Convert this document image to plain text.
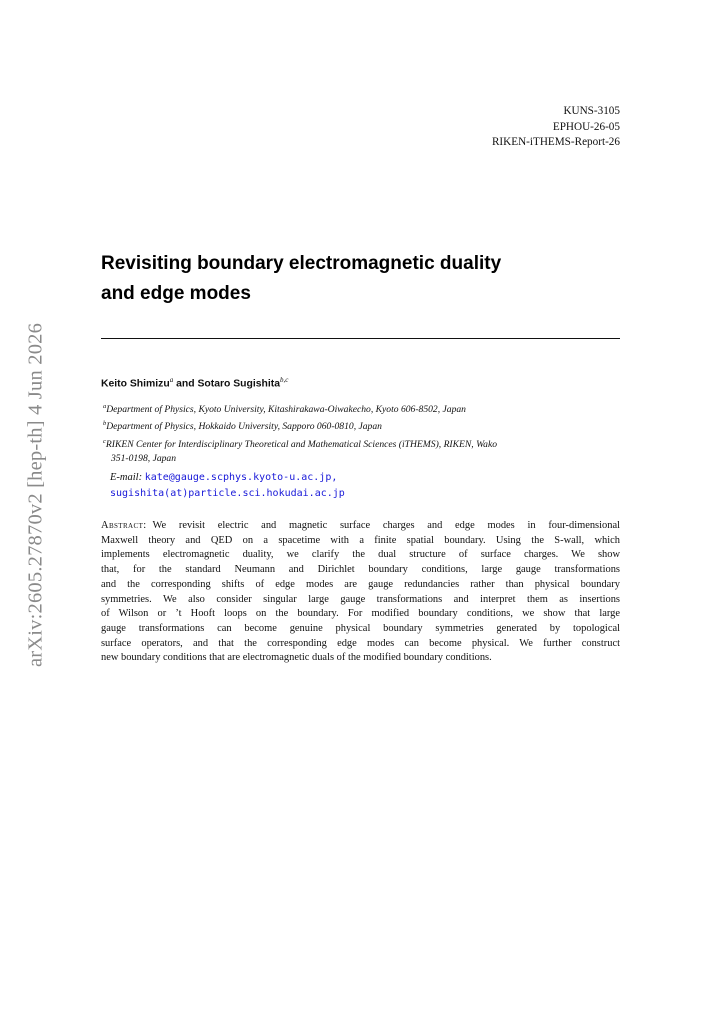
arXiv:2605.27870v2 [hep-th] 4 Jun 2026
KUNS-3105
EPHOU-26-05
RIKEN-iTHEMS-Report-26
Revisiting boundary electromagnetic duality
and edge modes
Keito Shimizu$^a$ and Sotaro Sugishita$^{b,c}$

$^a$Department of Physics, Kyoto University, Kitashirakawa-Oiwakecho, Kyoto 606-8502, Japan

$^b$Department of Physics, Hokkaido University, Sapporo 060-0810, Japan

$^c$RIKEN Center for Interdisciplinary Theoretical and Mathematical Sciences (iTHEMS), RIKEN, Wako
351-0198, Japan

E-mail: kate@gauge.scphys.kyoto-u.ac.jp,
sugishita(at)particle.sci.hokudai.ac.jp
Abstract: We revisit electric and magnetic surface charges and edge modes in four-dimensional
Maxwell theory and QED on a spacetime with a finite spatial boundary. Using the S-wall, which
implements electromagnetic duality, we clarify the dual structure of surface charges. We show
that, for the standard Neumann and Dirichlet boundary conditions, large gauge transformations
and the corresponding shifts of edge modes are gauge redundancies rather than physical boundary
symmetries. We also consider singular large gauge transformations and interpret them as insertions
of Wilson or ’t Hooft loops on the boundary. For modified boundary conditions, we show that large
gauge transformations can become genuine physical boundary symmetries generated by topological
surface operators, and that the corresponding edge modes can become physical. We further construct
new boundary conditions that are electromagnetic duals of the modified boundary conditions.
